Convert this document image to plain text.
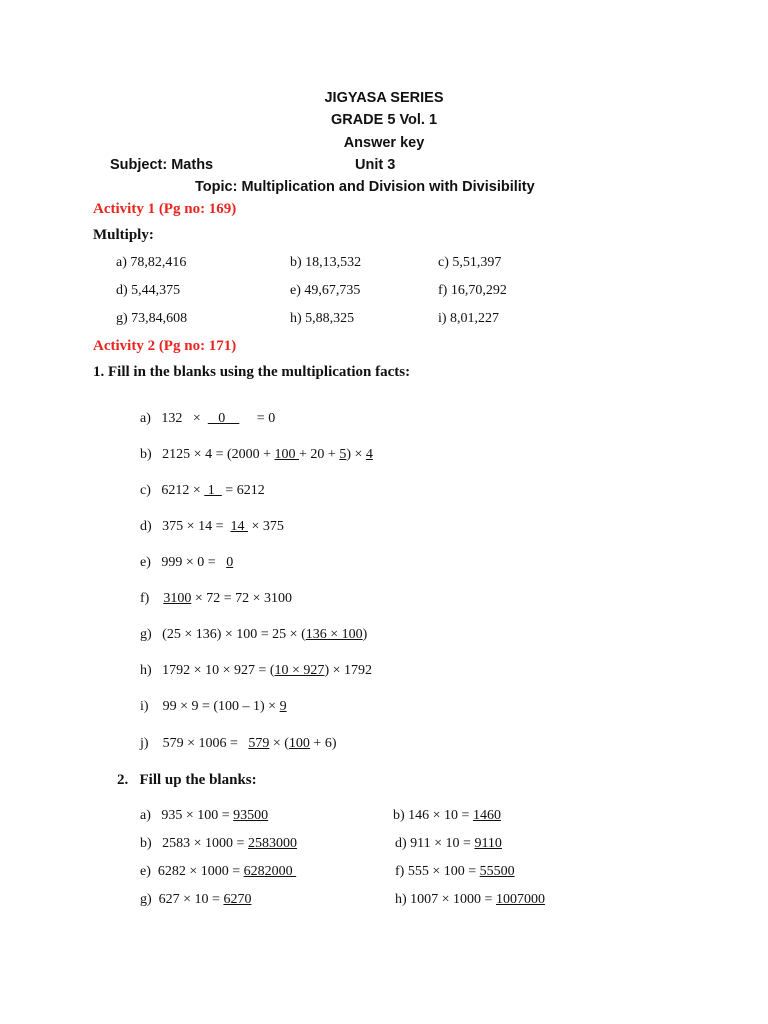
JIGYASA SERIES
GRADE 5 Vol. 1
Answer key
Subject: Maths	Unit 3
Topic: Multiplication and Division with Divisibility
Activity 1 (Pg no: 169)
Multiply:
a) 78,82,416	b) 18,13,532	c) 5,51,397
d) 5,44,375	e) 49,67,735	f) 16,70,292
g) 73,84,608	h) 5,88,325	i) 8,01,227
Activity 2 (Pg no: 171)
1. Fill in the blanks using the multiplication facts:
a) 132   ×     0         = 0
b) 2125 × 4 = (2000 + 100 + 20 + 5) × 4
c) 6212 ×  1   = 6212
d) 375 × 14 =  14  × 375
e) 999 × 0 =   0
f) 3100 × 72 = 72 × 3100
g) (25 × 136) × 100 = 25 × (136 × 100)
h) 1792 × 10 × 927 = (10 × 927) × 1792
i) 99 × 9 = (100 – 1) × 9
j) 579 × 1006 =   579 × (100 + 6)
2.   Fill up the blanks:
a)   935 × 100 = 93500	b) 146 × 10 = 1460
b)   2583 × 1000 = 2583000	d) 911 × 10 = 9110
e)  6282 × 1000 = 6282000	f) 555 × 100 = 55500
g)  627 × 10 = 6270	h) 1007 × 1000 = 1007000
